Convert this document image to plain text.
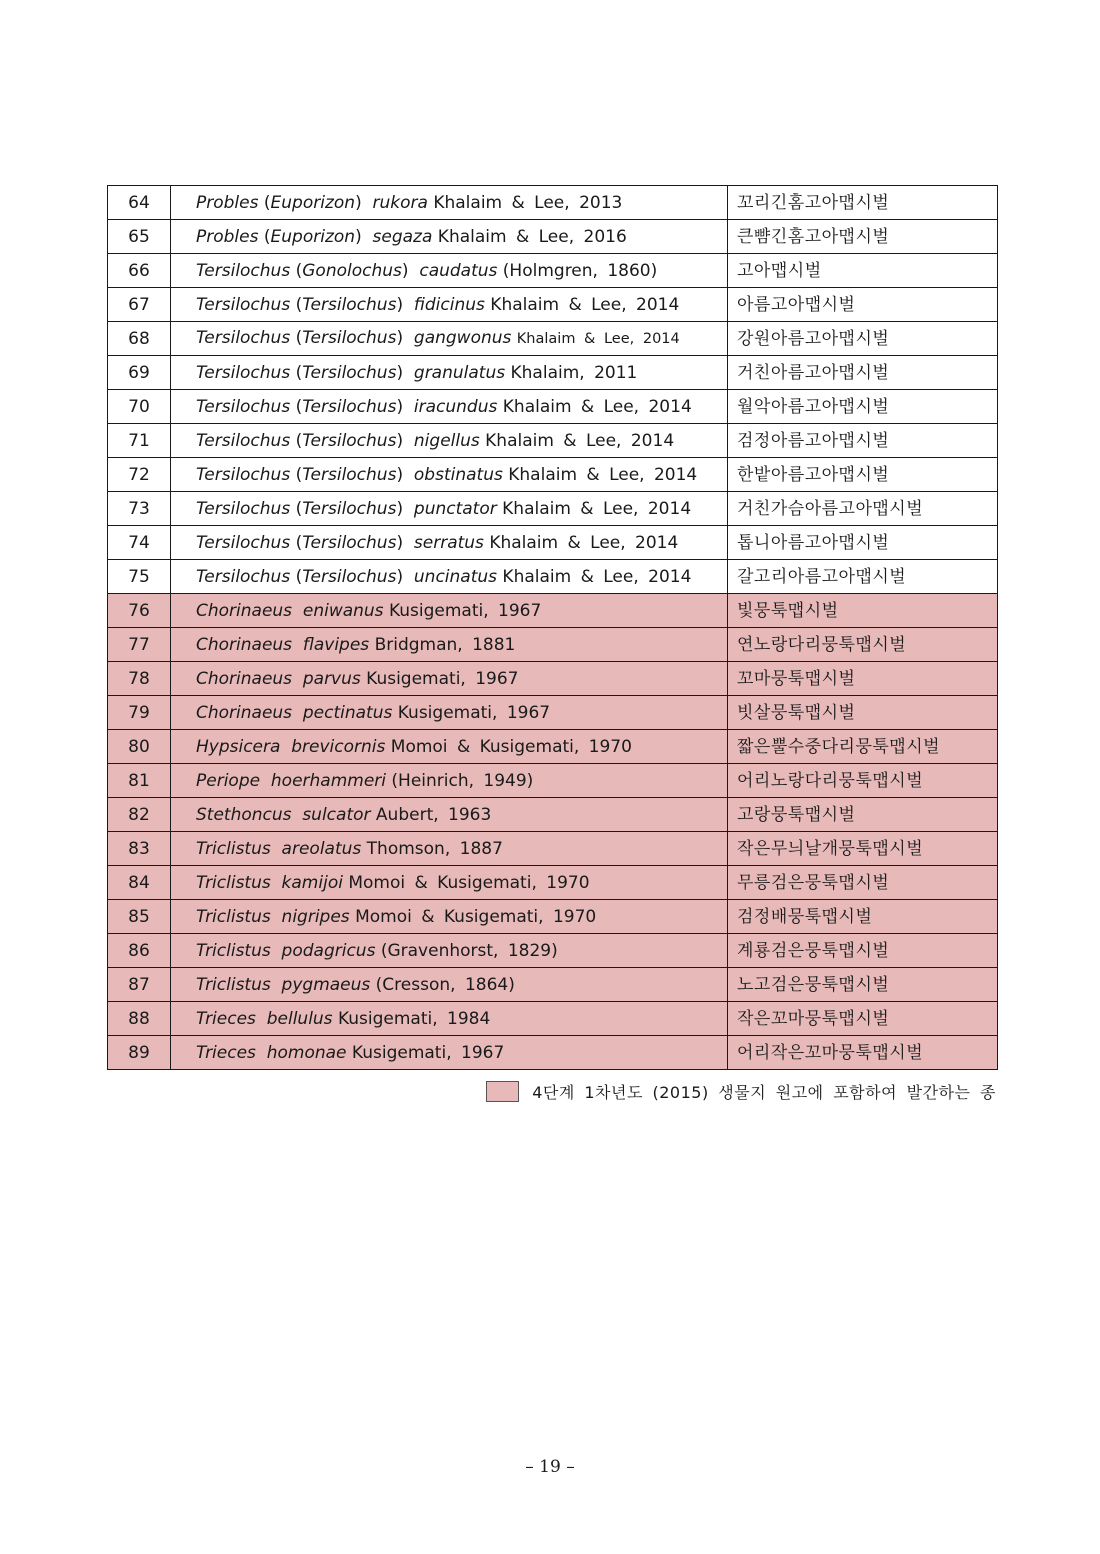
64	Probles (Euporizon) rukora Khalaim & Lee, 2013	꼬리긴홈고아맵시벌
65	Probles (Euporizon) segaza Khalaim & Lee, 2016	큰뺨긴홈고아맵시벌
66	Tersilochus (Gonolochus) caudatus (Holmgren, 1860)	고아맵시벌
67	Tersilochus (Tersilochus) fidicinus Khalaim & Lee, 2014	아름고아맵시벌
68	Tersilochus (Tersilochus) gangwonus Khalaim & Lee, 2014	강원아름고아맵시벌
69	Tersilochus (Tersilochus) granulatus Khalaim, 2011	거친아름고아맵시벌
70	Tersilochus (Tersilochus) iracundus Khalaim & Lee, 2014	월악아름고아맵시벌
71	Tersilochus (Tersilochus) nigellus Khalaim & Lee, 2014	검정아름고아맵시벌
72	Tersilochus (Tersilochus) obstinatus Khalaim & Lee, 2014	한밭아름고아맵시벌
73	Tersilochus (Tersilochus) punctator Khalaim & Lee, 2014	거친가슴아름고아맵시벌
74	Tersilochus (Tersilochus) serratus Khalaim & Lee, 2014	톱니아름고아맵시벌
75	Tersilochus (Tersilochus) uncinatus Khalaim & Lee, 2014	갈고리아름고아맵시벌
76	Chorinaeus eniwanus Kusigemati, 1967	빛뭉툭맵시벌
77	Chorinaeus flavipes Bridgman, 1881	연노랑다리뭉툭맵시벌
78	Chorinaeus parvus Kusigemati, 1967	꼬마뭉툭맵시벌
79	Chorinaeus pectinatus Kusigemati, 1967	빗살뭉툭맵시벌
80	Hypsicera brevicornis Momoi & Kusigemati, 1970	짧은뿔수중다리뭉툭맵시벌
81	Periope hoerhammeri (Heinrich, 1949)	어리노랑다리뭉툭맵시벌
82	Stethoncus sulcator Aubert, 1963	고랑뭉툭맵시벌
83	Triclistus areolatus Thomson, 1887	작은무늬날개뭉툭맵시벌
84	Triclistus kamijoi Momoi & Kusigemati, 1970	무릉검은뭉툭맵시벌
85	Triclistus nigripes Momoi & Kusigemati, 1970	검정배뭉툭맵시벌
86	Triclistus podagricus (Gravenhorst, 1829)	계룡검은뭉툭맵시벌
87	Triclistus pygmaeus (Cresson, 1864)	노고검은뭉툭맵시벌
88	Trieces bellulus Kusigemati, 1984	작은꼬마뭉툭맵시벌
89	Trieces homonae Kusigemati, 1967	어리작은꼬마뭉툭맵시벌
4단계 1차년도 (2015) 생물지 원고에 포함하여 발간하는 종
– 19 –
